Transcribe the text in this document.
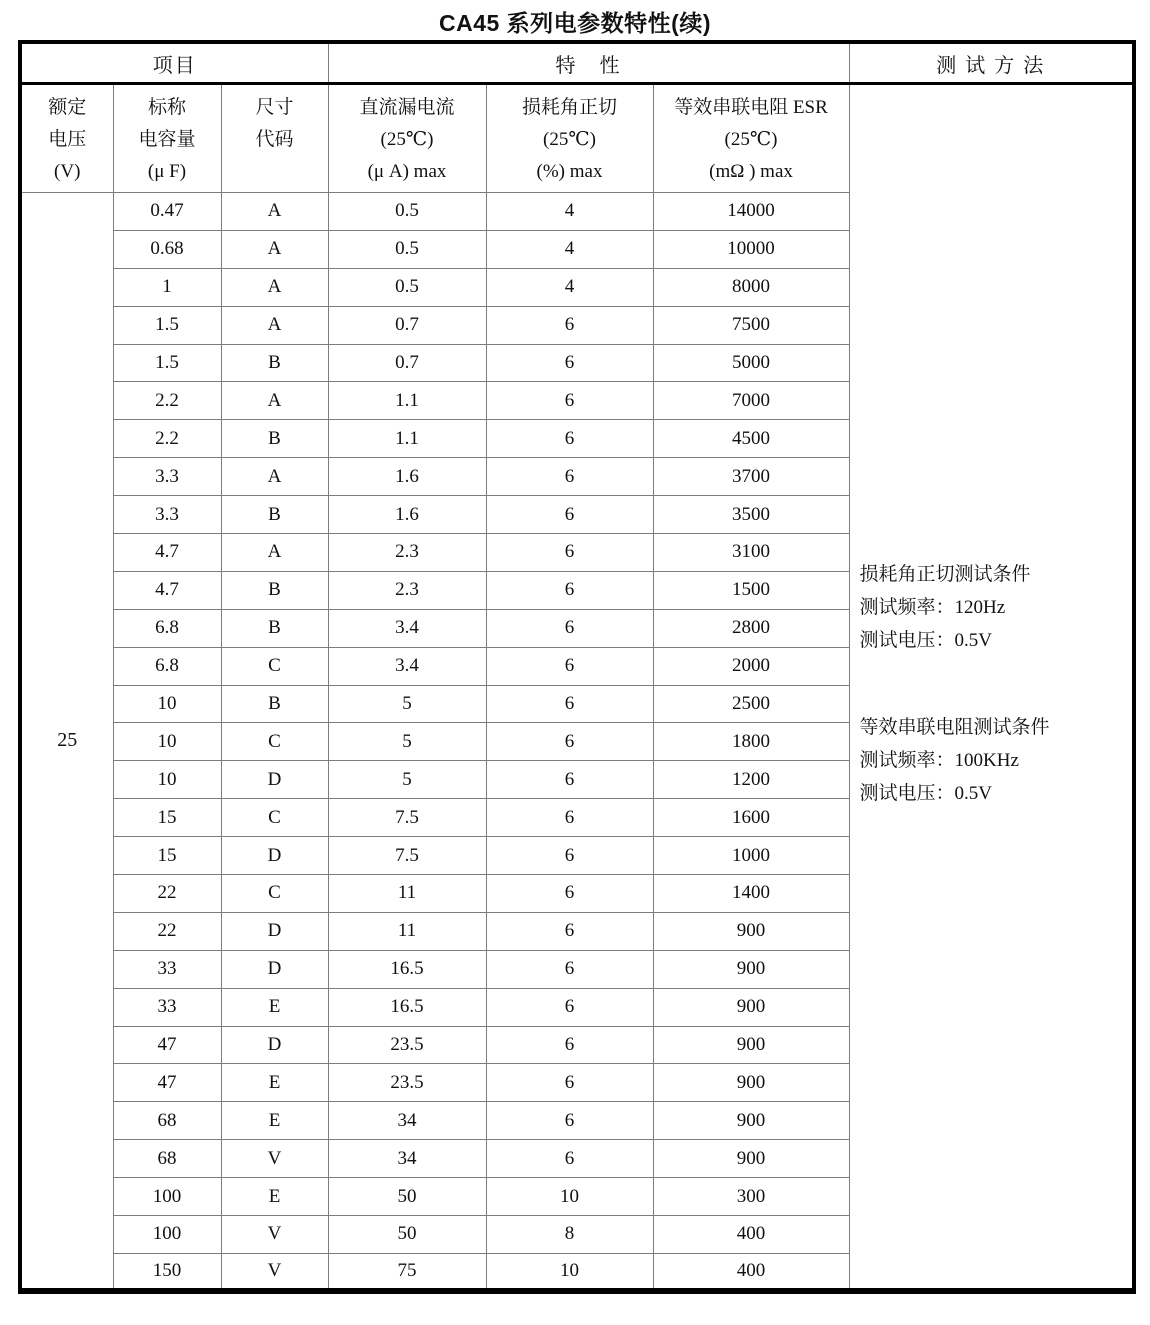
CA45 系列电参数特性(续)
项目			特　性			测 试 方 法

额定
电压
(V)

标称
电容量
(μ F)

尺寸
代码

直流漏电流
(25℃)
(μ A) max

损耗角正切
(25℃)
(%) max

等效串联电阻 ESR
(25℃)
(mΩ ) max

损耗角正切测试条件
测试频率：120Hz
测试电压：0.5V
等效串联电阻测试条件
测试频率：100KHz
测试电压：0.5V

25	0.47	A	0.5	4	14000	
	0.68	A	0.5	4	10000	
	1	A	0.5	4	8000	
	1.5	A	0.7	6	7500	
	1.5	B	0.7	6	5000	
	2.2	A	1.1	6	7000	
	2.2	B	1.1	6	4500	
	3.3	A	1.6	6	3700	
	3.3	B	1.6	6	3500	
	4.7	A	2.3	6	3100	
	4.7	B	2.3	6	1500	
	6.8	B	3.4	6	2800	
	6.8	C	3.4	6	2000	
	10	B	5	6	2500	
	10	C	5	6	1800	
	10	D	5	6	1200	
	15	C	7.5	6	1600	
	15	D	7.5	6	1000	
	22	C	11	6	1400	
	22	D	11	6	900	
	33	D	16.5	6	900	
	33	E	16.5	6	900	
	47	D	23.5	6	900	
	47	E	23.5	6	900	
	68	E	34	6	900	
	68	V	34	6	900	
	100	E	50	10	300	
	100	V	50	8	400	
	150	V	75	10	400	
